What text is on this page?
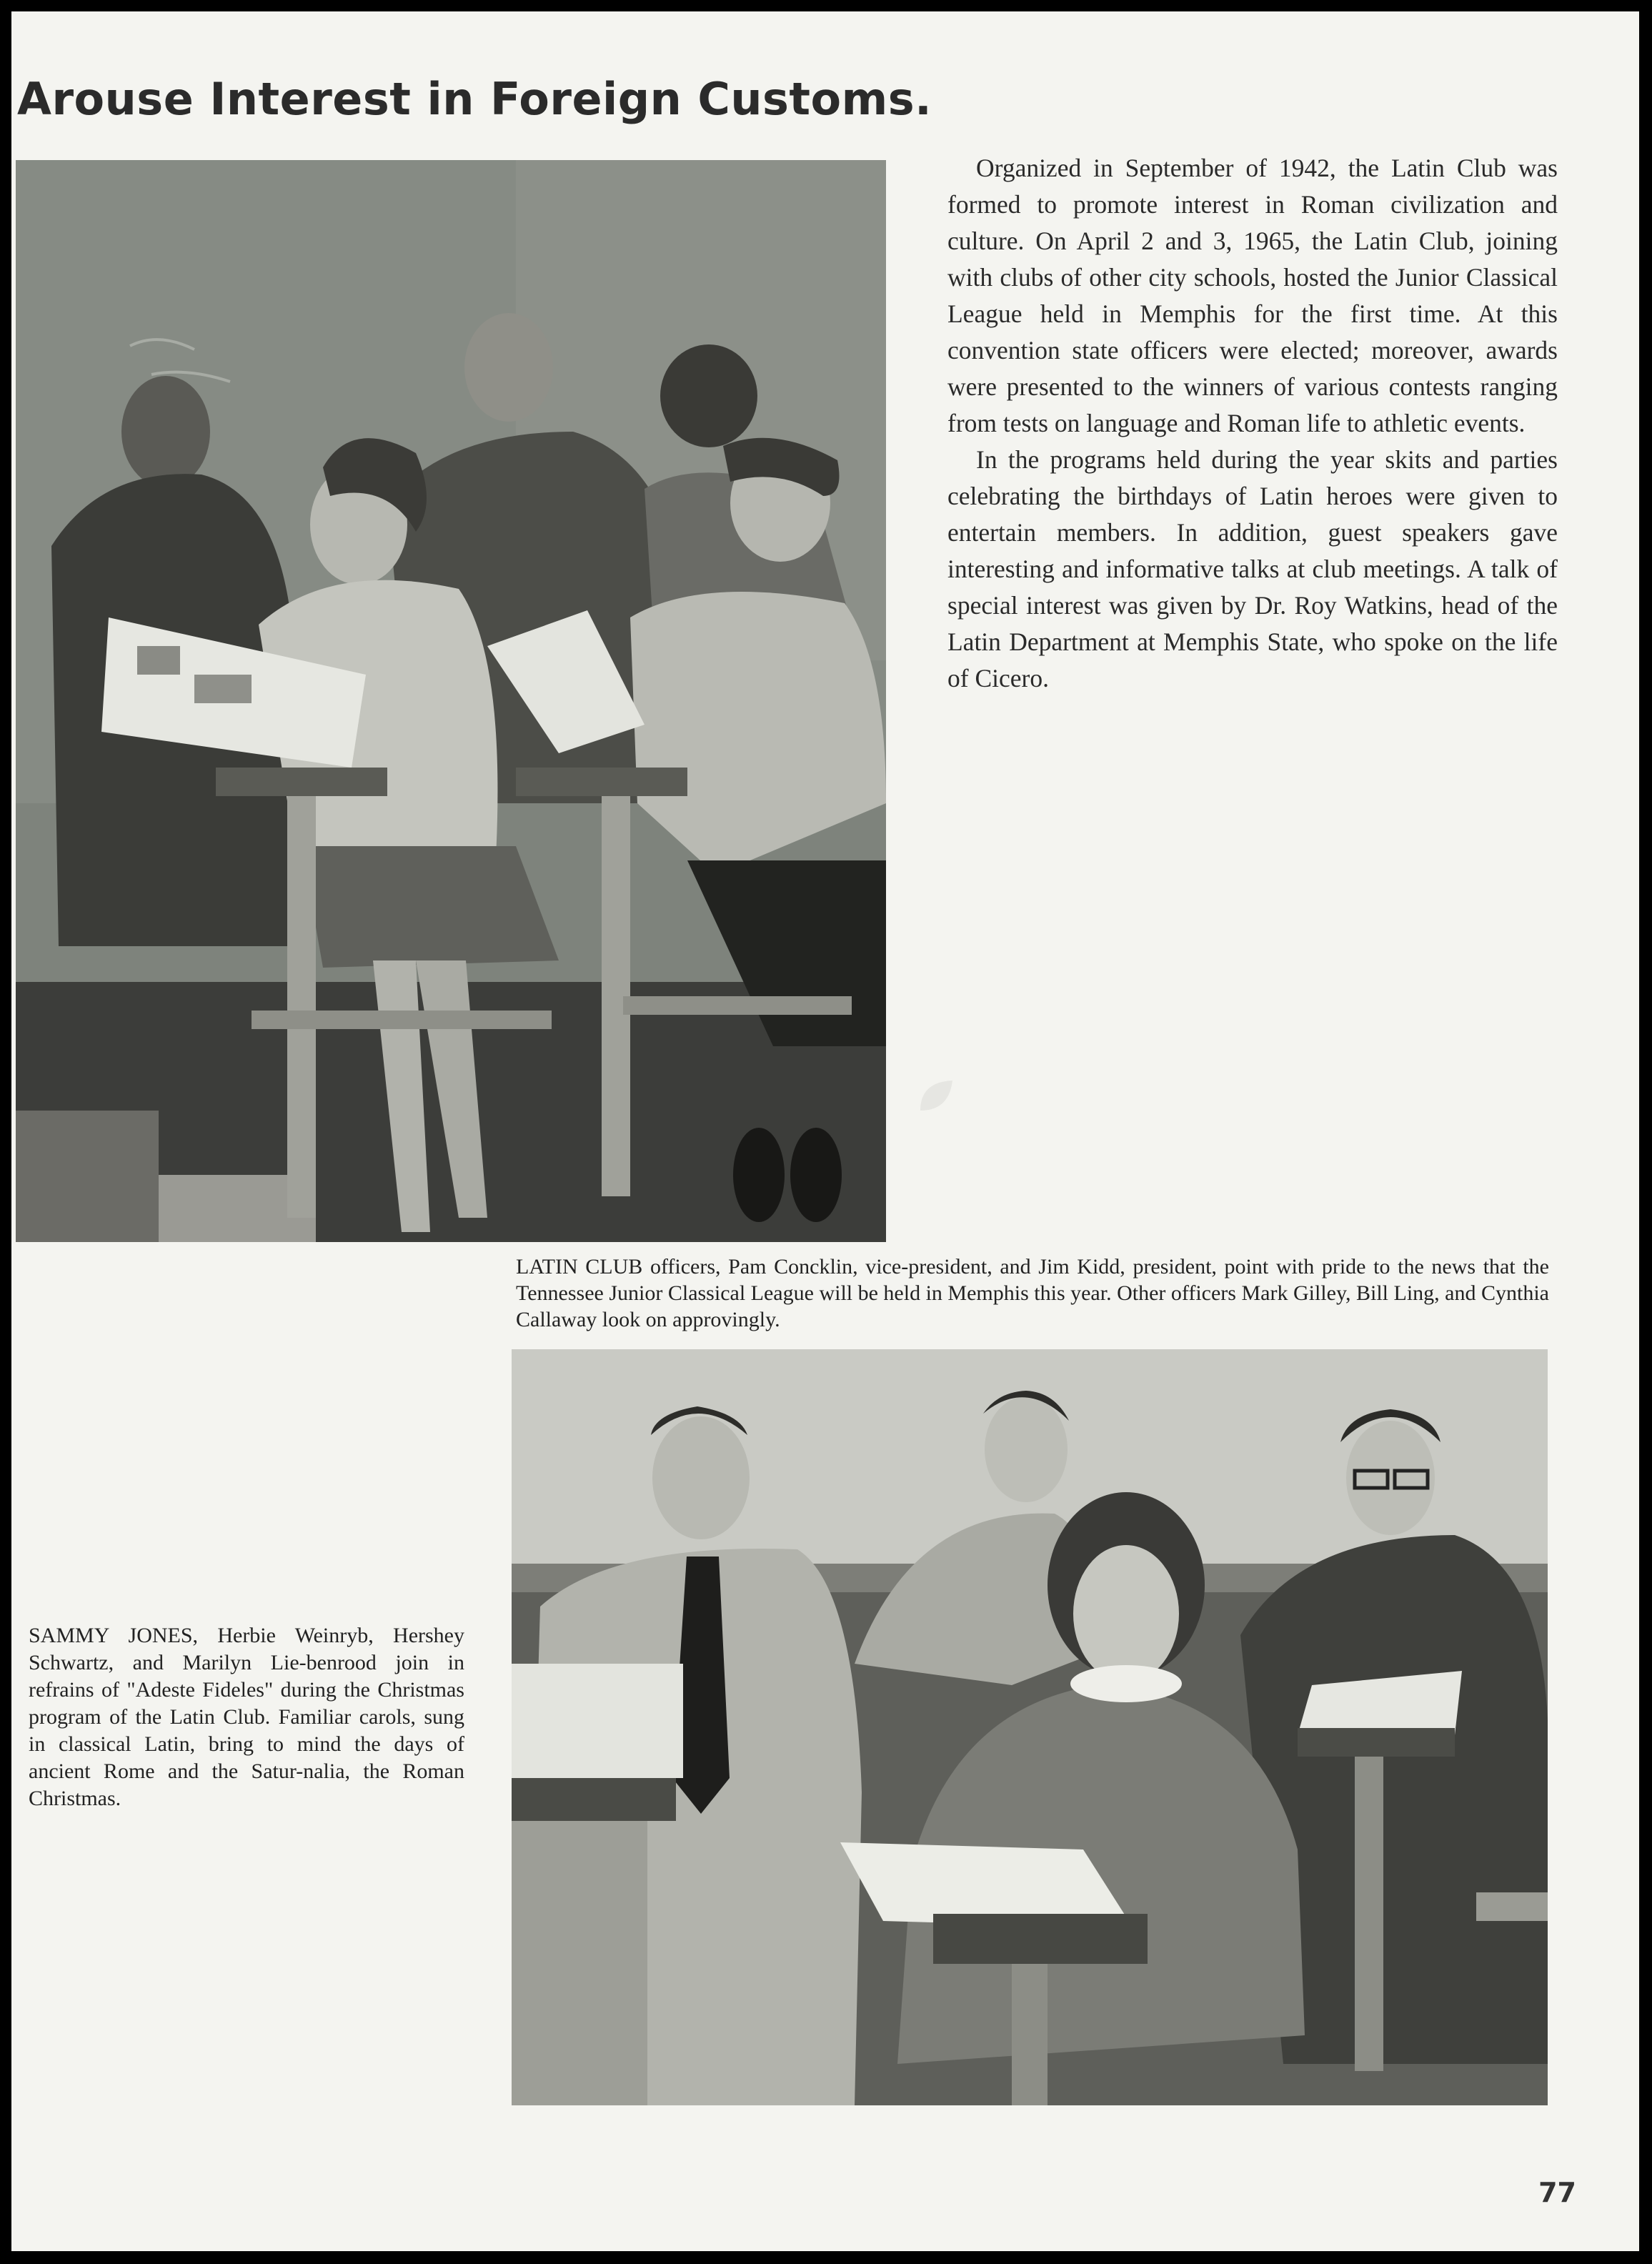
Arouse Interest in Foreign Customs.

Organized in September of 1942, the Latin Club was formed to promote interest in Roman civilization and culture. On April 2 and 3, 1965, the Latin Club, joining with clubs of other city schools, hosted the Junior Classical League held in Memphis for the first time. At this convention state officers were elected; moreover, awards were presented to the winners of various contests ranging from tests on language and Roman life to athletic events.

In the programs held during the year skits and parties celebrating the birthdays of Latin heroes were given to entertain members. In addition, guest speakers gave interesting and informative talks at club meetings. A talk of special interest was given by Dr. Roy Watkins, head of the Latin Department at Memphis State, who spoke on the life of Cicero.

LATIN CLUB officers, Pam Concklin, vice-president, and Jim Kidd, president, point with pride to the news that the Tennessee Junior Classical League will be held in Memphis this year. Other officers Mark Gilley, Bill Ling, and Cynthia Callaway look on approvingly.

SAMMY JONES, Herbie Weinryb, Hershey Schwartz, and Marilyn Lie-benrood join in refrains of "Adeste Fideles" during the Christmas program of the Latin Club. Familiar carols, sung in classical Latin, bring to mind the days of ancient Rome and the Satur-nalia, the Roman Christmas.

77
